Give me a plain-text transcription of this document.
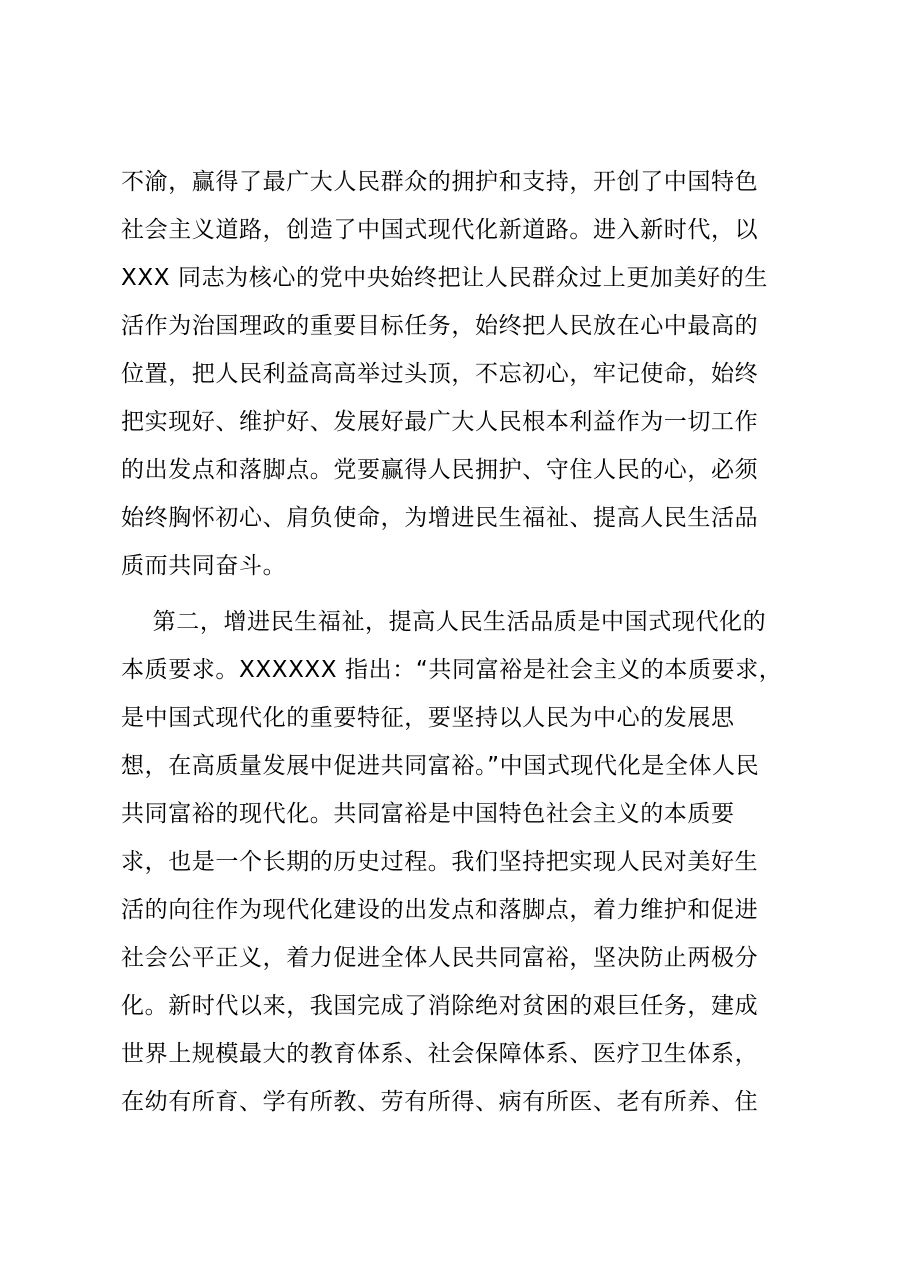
不渝，赢得了最广大人民群众的拥护和支持，开创了中国特色
社会主义道路，创造了中国式现代化新道路。进入新时代，以
XXX 同志为核心的党中央始终把让人民群众过上更加美好的生
活作为治国理政的重要目标任务，始终把人民放在心中最高的
位置，把人民利益高高举过头顶，不忘初心，牢记使命，始终
把实现好、维护好、发展好最广大人民根本利益作为一切工作
的出发点和落脚点。党要赢得人民拥护、守住人民的心，必须
始终胸怀初心、肩负使命，为增进民生福祉、提高人民生活品
质而共同奋斗。
第二，增进民生福祉，提高人民生活品质是中国式现代化的
本质要求。XXXXXX 指出：“共同富裕是社会主义的本质要求，
是中国式现代化的重要特征，要坚持以人民为中心的发展思
想，在高质量发展中促进共同富裕。”中国式现代化是全体人民
共同富裕的现代化。共同富裕是中国特色社会主义的本质要
求，也是一个长期的历史过程。我们坚持把实现人民对美好生
活的向往作为现代化建设的出发点和落脚点，着力维护和促进
社会公平正义，着力促进全体人民共同富裕，坚决防止两极分
化。新时代以来，我国完成了消除绝对贫困的艰巨任务，建成
世界上规模最大的教育体系、社会保障体系、医疗卫生体系，
在幼有所育、学有所教、劳有所得、病有所医、老有所养、住
